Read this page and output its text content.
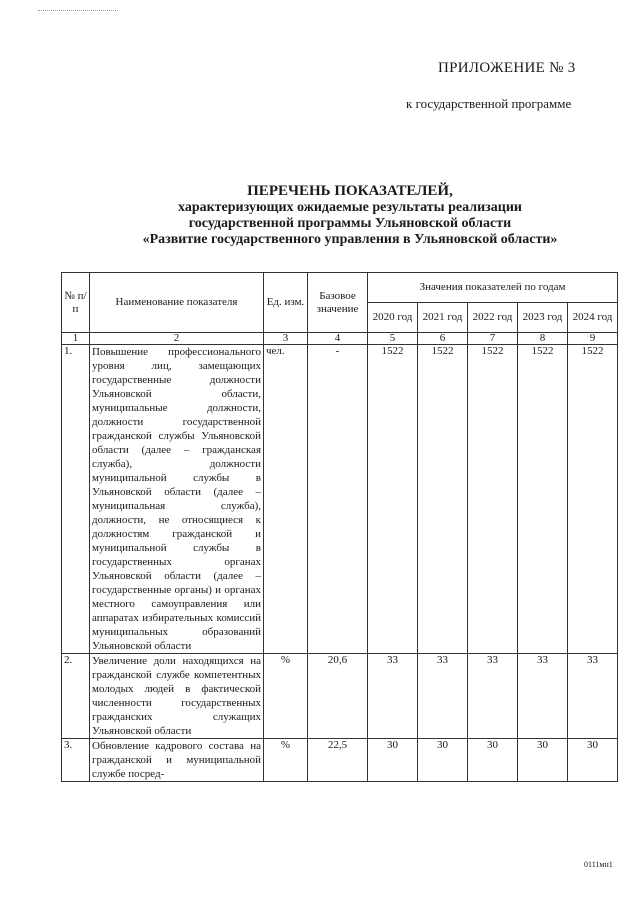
ПРИЛОЖЕНИЕ № 3
к государственной программе
ПЕРЕЧЕНЬ ПОКАЗАТЕЛЕЙ,
характеризующих ожидаемые результаты реализации
государственной программы Ульяновской области
«Развитие государственного управления в Ульяновской области»
№ п/п	Наименование показателя	Ед. изм.	Базовое значение	Значения показателей по годам				
				2020 год	2021 год	2022 год	2023 год	2024 год
1	2	3	4	5	6	7	8	9
1.	Повышение профессионального уровня лиц, замещающих государственные должности Ульяновской области, муниципальные должности, должности государственной гражданской службы Ульяновской области (далее – гражданская служба), должности муниципальной службы в Ульяновской области (далее – муниципальная служба), должности, не относящиеся к должностям гражданской и муниципальной службы в государственных органах Ульяновской области (далее – государственные органы) и органах местного самоуправления или аппаратах избирательных комиссий муниципальных образований Ульяновской области	чел.	-	1522	1522	1522	1522	1522
2.	Увеличение доли находящихся на гражданской службе компетентных молодых людей в фактической численности государственных гражданских служащих Ульяновской области	%	20,6	33	33	33	33	33
3.	Обновление кадрового состава на гражданской и муниципальной службе посред-	%	22,5	30	30	30	30	30
0111мн1
